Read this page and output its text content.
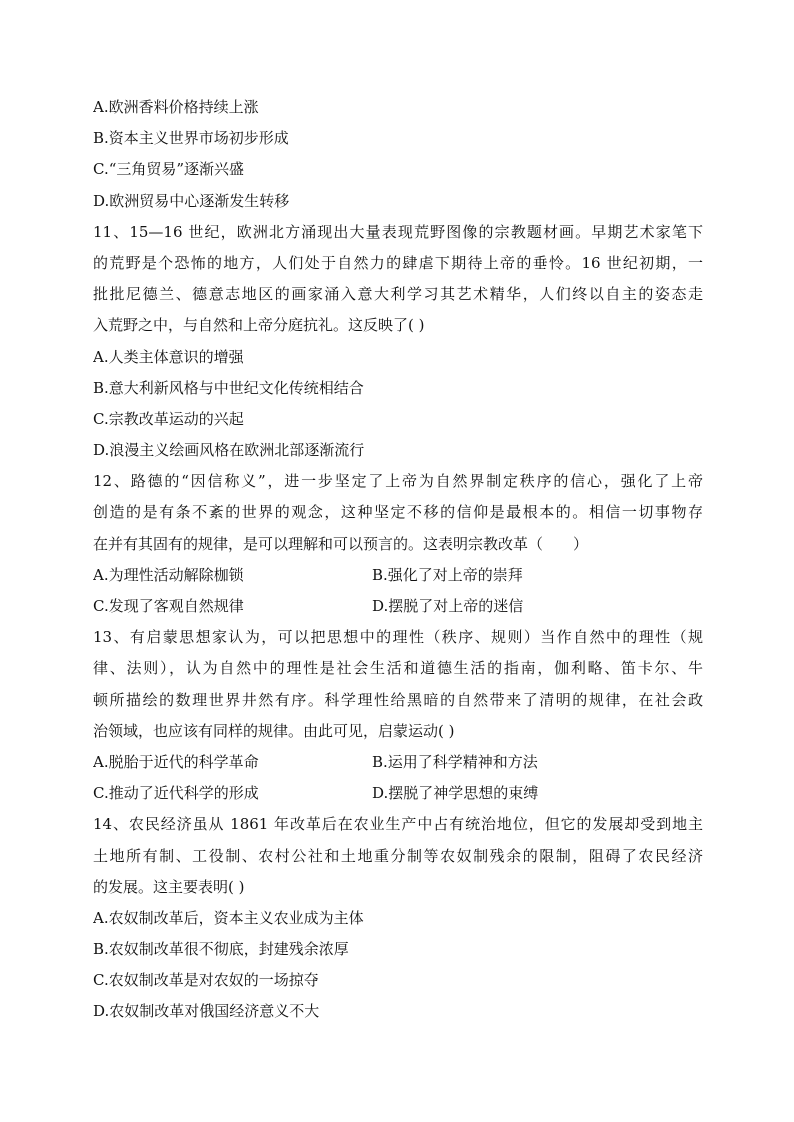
A.欧洲香料价格持续上涨
B.资本主义世界市场初步形成
C.“三角贸易”逐渐兴盛
D.欧洲贸易中心逐渐发生转移
11、15—16 世纪，欧洲北方涌现出大量表现荒野图像的宗教题材画。早期艺术家笔下
的荒野是个恐怖的地方，人们处于自然力的肆虐下期待上帝的垂怜。16 世纪初期，一
批批尼德兰、德意志地区的画家涌入意大利学习其艺术精华，人们终以自主的姿态走
入荒野之中，与自然和上帝分庭抗礼。这反映了( )
A.人类主体意识的增强
B.意大利新风格与中世纪文化传统相结合
C.宗教改革运动的兴起
D.浪漫主义绘画风格在欧洲北部逐渐流行
12、路德的“因信称义”，进一步坚定了上帝为自然界制定秩序的信心，强化了上帝
创造的是有条不紊的世界的观念，这种坚定不移的信仰是最根本的。相信一切事物存
在并有其固有的规律，是可以理解和可以预言的。这表明宗教改革（　　）
A.为理性活动解除枷锁	B.强化了对上帝的崇拜
C.发现了客观自然规律	D.摆脱了对上帝的迷信
13、有启蒙思想家认为，可以把思想中的理性（秩序、规则）当作自然中的理性（规
律、法则），认为自然中的理性是社会生活和道德生活的指南，伽利略、笛卡尔、牛
顿所描绘的数理世界井然有序。科学理性给黑暗的自然带来了清明的规律，在社会政
治领域，也应该有同样的规律。由此可见，启蒙运动( )
A.脱胎于近代的科学革命	B.运用了科学精神和方法
C.推动了近代科学的形成	D.摆脱了神学思想的束缚
14、农民经济虽从 1861 年改革后在农业生产中占有统治地位，但它的发展却受到地主
土地所有制、工役制、农村公社和土地重分制等农奴制残余的限制，阻碍了农民经济
的发展。这主要表明( )
A.农奴制改革后，资本主义农业成为主体
B.农奴制改革很不彻底，封建残余浓厚
C.农奴制改革是对农奴的一场掠夺
D.农奴制改革对俄国经济意义不大
